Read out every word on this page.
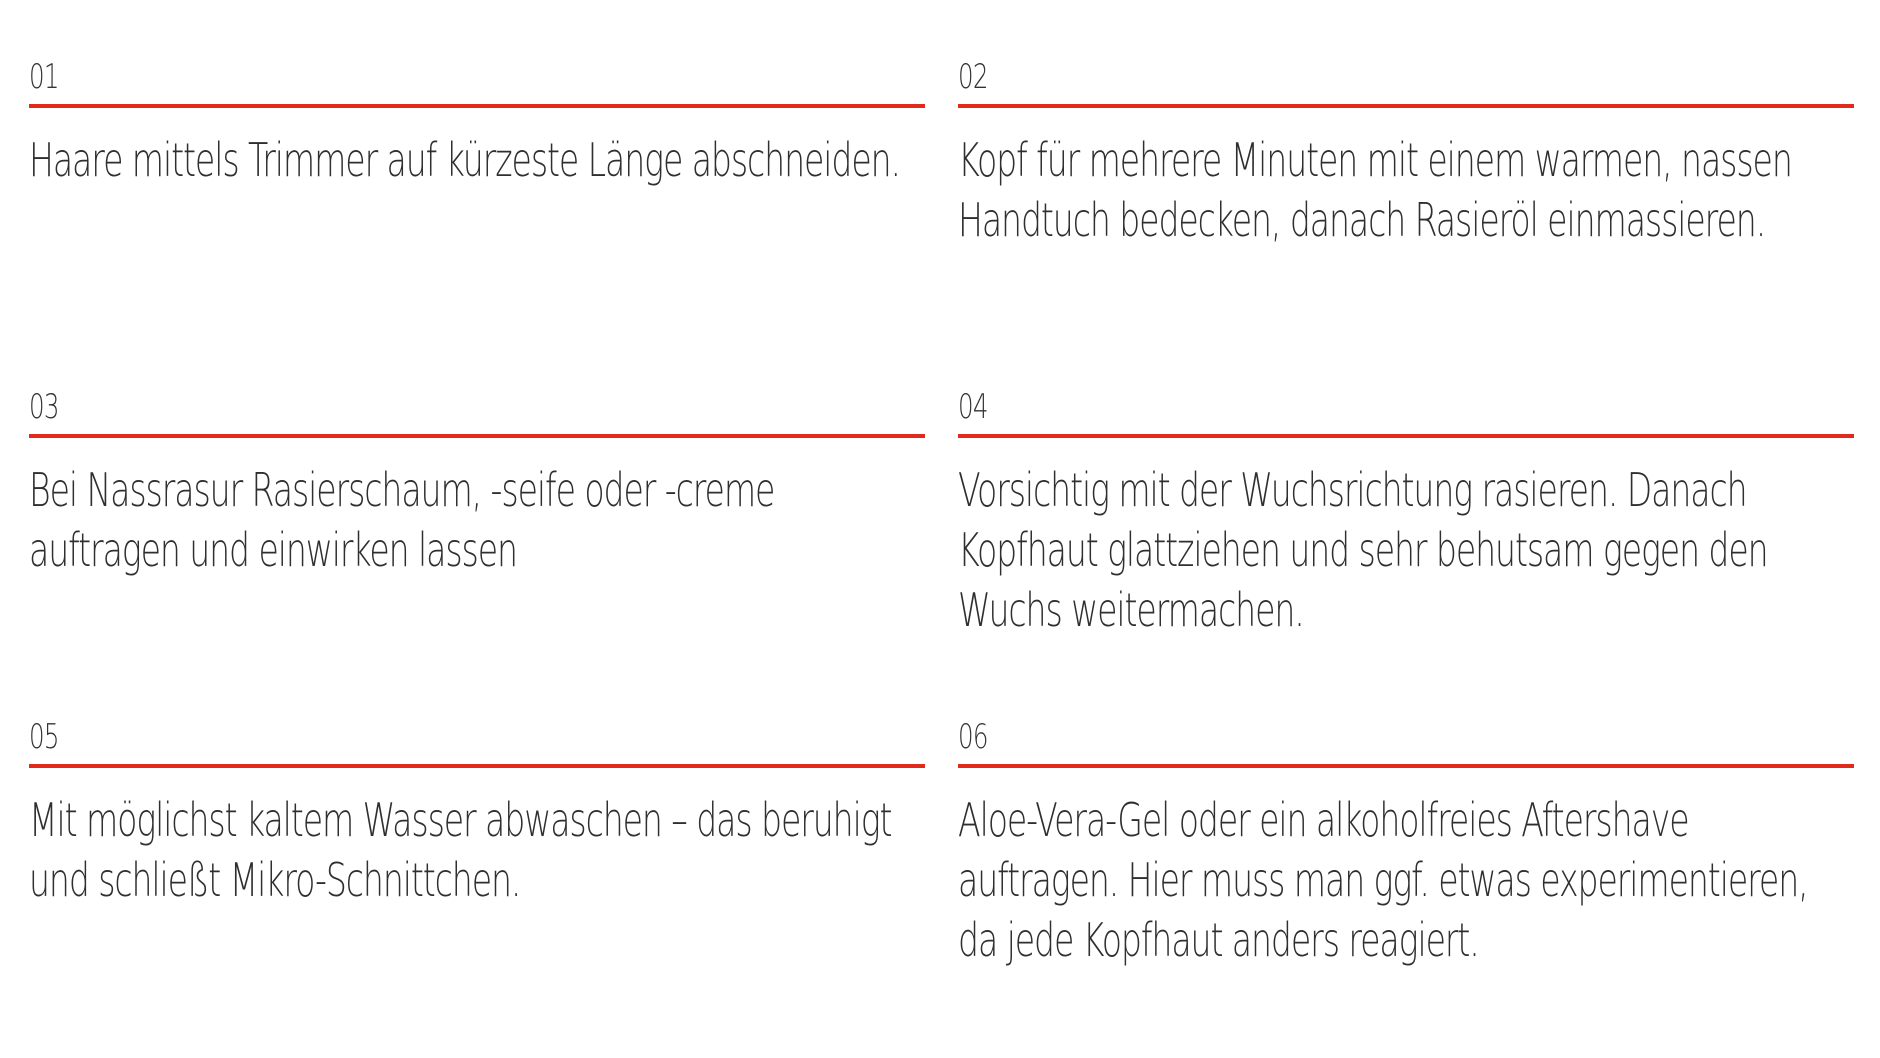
01
Haare mittels Trimmer auf kürzeste Länge abschneiden.
02
Kopf für mehrere Minuten mit einem warmen, nassen Handtuch bedecken, danach Rasieröl einmassieren.
03
Bei Nassrasur Rasierschaum, -seife oder -creme auftragen und einwirken lassen
04
Vorsichtig mit der Wuchsrichtung rasieren. Danach Kopfhaut glattziehen und sehr behutsam gegen den Wuchs weitermachen.
05
Mit möglichst kaltem Wasser abwaschen – das beruhigt und schließt Mikro-Schnittchen.
06
Aloe-Vera-Gel oder ein alkoholfreies Aftershave auftragen. Hier muss man ggf. etwas experimentieren, da jede Kopfhaut anders reagiert.
